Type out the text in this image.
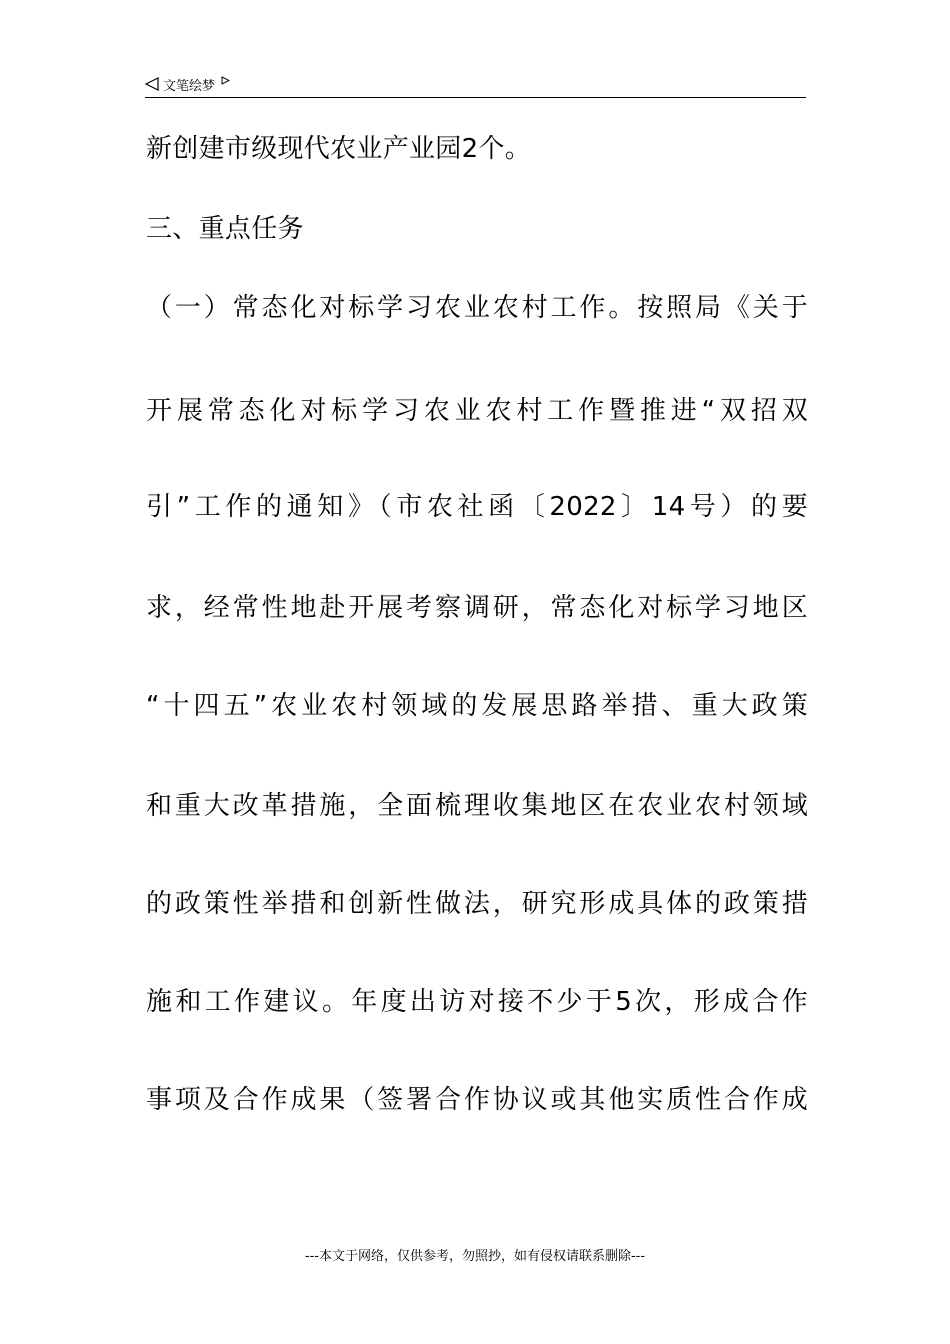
文笔绘梦
新创建市级现代农业产业园2个。
三、重点任务
（一）常态化对标学习农业农村工作。按照局《关于
开展常态化对标学习农业农村工作暨推进“双招双
引”工作的通知》（市农社函〔2022〕14号）的要
求，经常性地赴开展考察调研，常态化对标学习地区
“十四五”农业农村领域的发展思路举措、重大政策
和重大改革措施，全面梳理收集地区在农业农村领域
的政策性举措和创新性做法，研究形成具体的政策措
施和工作建议。年度出访对接不少于5次，形成合作
事项及合作成果（签署合作协议或其他实质性合作成
---本文于网络，仅供参考，勿照抄，如有侵权请联系删除---
